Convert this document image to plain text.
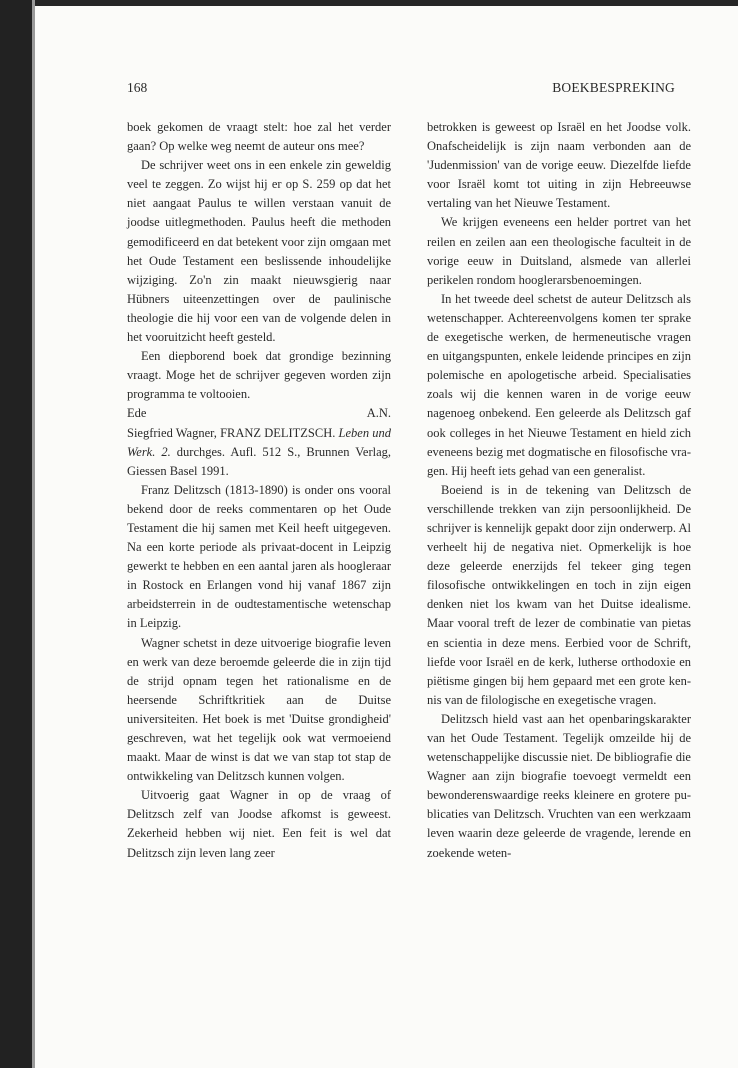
168	BOEKBESPREKING

boek gekomen de vraagt stelt: hoe zal het verder gaan? Op welke weg neemt de auteur ons mee?

De schrijver weet ons in een enkele zin geweldig veel te zeggen. Zo wijst hij er op S. 259 op dat het niet aangaat Paulus te willen verstaan vanuit de joodse uitlegmethoden. Paulus heeft die methoden gemodificeerd en dat betekent voor zijn omgaan met het Oude Testament een beslissende inhoudelijke wijziging. Zo'n zin maakt nieuwsgierig naar Hübners uiteenzettingen over de paulinische theologie die hij voor een van de volgende delen in het vooruitzicht heeft gesteld.

Een diepborend boek dat grondige bezinning vraagt. Moge het de schrijver gegeven worden zijn programma te voltooien.

Ede	A.N.

Siegfried Wagner, FRANZ DELITZSCH. Leben und Werk. 2. durchges. Aufl. 512 S., Brunnen Verlag, Giessen Basel 1991.

Franz Delitzsch (1813-1890) is onder ons vooral bekend door de reeks commentaren op het Oude Testament die hij samen met Keil heeft uitgegeven. Na een korte periode als privaat-docent in Leipzig gewerkt te hebben en een aantal jaren als hoogleraar in Rostock en Erlangen vond hij vanaf 1867 zijn arbeidsterrein in de oudtestamentische wetenschap in Leipzig.

Wagner schetst in deze uitvoerige biografie leven en werk van deze beroemde geleerde die in zijn tijd de strijd opnam tegen het rationalisme en de heersende Schriftkritiek aan de Duitse universiteiten. Het boek is met 'Duitse grondigheid' geschreven, wat het tegelijk ook wat vermoeiend maakt. Maar de winst is dat we van stap tot stap de ontwikkeling van Delitzsch kunnen volgen.

Uitvoerig gaat Wagner in op de vraag of Delitzsch zelf van Joodse afkomst is geweest. Zekerheid hebben wij niet. Een feit is wel dat Delitzsch zijn leven lang zeer

betrokken is geweest op Israël en het Joodse volk. Onafscheidelijk is zijn naam verbonden aan de 'Judenmission' van de vorige eeuw. Diezelfde liefde voor Israël komt tot uiting in zijn Hebreeuwse vertaling van het Nieuwe Testament.

We krijgen eveneens een helder portret van het reilen en zeilen aan een theologische faculteit in de vorige eeuw in Duitsland, alsmede van allerlei perikelen rondom hooglerarsbenoemingen.

In het tweede deel schetst de auteur Delitzsch als wetenschapper. Achtereenvolgens komen ter sprake de exegetische werken, de hermeneutische vragen en uitgangspunten, enkele leidende principes en zijn polemische en apologetische arbeid. Specialisaties zoals wij die kennen waren in de vorige eeuw nagenoeg onbekend. Een geleerde als Delitzsch gaf ook colleges in het Nieuwe Testament en hield zich eveneens bezig met dogmatische en filosofische vragen. Hij heeft iets gehad van een generalist.

Boeiend is in de tekening van Delitzsch de verschillende trekken van zijn persoonlijkheid. De schrijver is kennelijk gepakt door zijn onderwerp. Al verheelt hij de negativa niet. Opmerkelijk is hoe deze geleerde enerzijds fel tekeer ging tegen filosofische ontwikkelingen en toch in zijn eigen denken niet los kwam van het Duitse idealisme. Maar vooral treft de lezer de combinatie van pietas en scientia in deze mens. Eerbied voor de Schrift, liefde voor Israël en de kerk, lutherse orthodoxie en piëtisme gingen bij hem gepaard met een grote kennis van de filologische en exegetische vragen.

Delitzsch hield vast aan het openbaringskarakter van het Oude Testament. Tegelijk omzeilde hij de wetenschappelijke discussie niet. De bibliografie die Wagner aan zijn biografie toevoegt vermeldt een bewonderenswaardige reeks kleinere en grotere publicaties van Delitzsch. Vruchten van een werkzaam leven waarin deze geleerde de vragende, lerende en zoekende weten-
